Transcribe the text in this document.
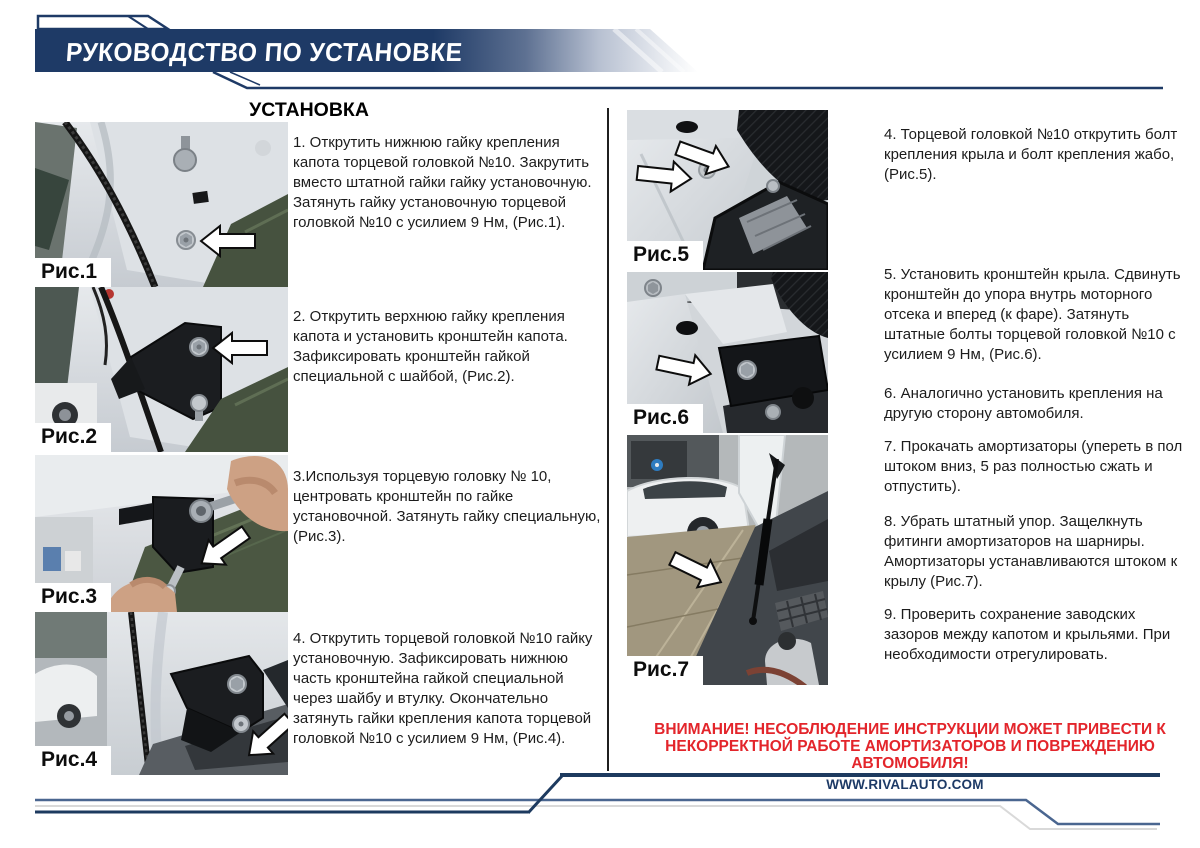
РУКОВОДСТВО ПО УСТАНОВКЕ
УСТАНОВКА
Рис.1
Рис.2
Рис.3
Рис.4
Рис.5
Рис.6
Рис.7

1. Открутить нижнюю гайку крепления капота торцевой головкой №10. Закрутить вместо штатной гайки гайку установочную. Затянуть гайку установочную торцевой головкой №10 с усилием 9 Нм, (Рис.1).

2. Открутить верхнюю гайку крепления капота и установить кронштейн капота. Зафиксировать кронштейн гайкой специальной с шайбой, (Рис.2).

3.Используя торцевую головку № 10, центровать кронштейн по гайке установочной. Затянуть гайку специальную, (Рис.3).

4. Открутить торцевой головкой №10 гайку установочную. Зафиксировать нижнюю часть кронштейна гайкой специальной через шайбу и втулку. Окончательно затянуть гайки крепления капота торцевой головкой №10 с усилием 9 Нм, (Рис.4).

4. Торцевой головкой №10 открутить болт крепления крыла и болт крепления жабо, (Рис.5).

5. Установить кронштейн крыла. Сдвинуть кронштейн до упора внутрь моторного отсека и вперед (к фаре). Затянуть штатные болты торцевой головкой №10 с усилием 9 Нм, (Рис.6).

6. Аналогично установить крепления на другую сторону автомобиля.

7. Прокачать амортизаторы (упереть в пол штоком вниз, 5 раз полностью сжать и отпустить).

8. Убрать штатный упор. Защелкнуть фитинги амортизаторов на шарниры. Амортизаторы устанавливаются штоком к крылу (Рис.7).

9. Проверить сохранение заводских зазоров между капотом и крыльями. При необходимости отрегулировать.

ВНИМАНИЕ! НЕСОБЛЮДЕНИЕ ИНСТРУКЦИИ МОЖЕТ ПРИВЕСТИ К
НЕКОРРЕКТНОЙ РАБОТЕ АМОРТИЗАТОРОВ И ПОВРЕЖДЕНИЮ
АВТОМОБИЛЯ!
WWW.RIVALAUTO.COM
